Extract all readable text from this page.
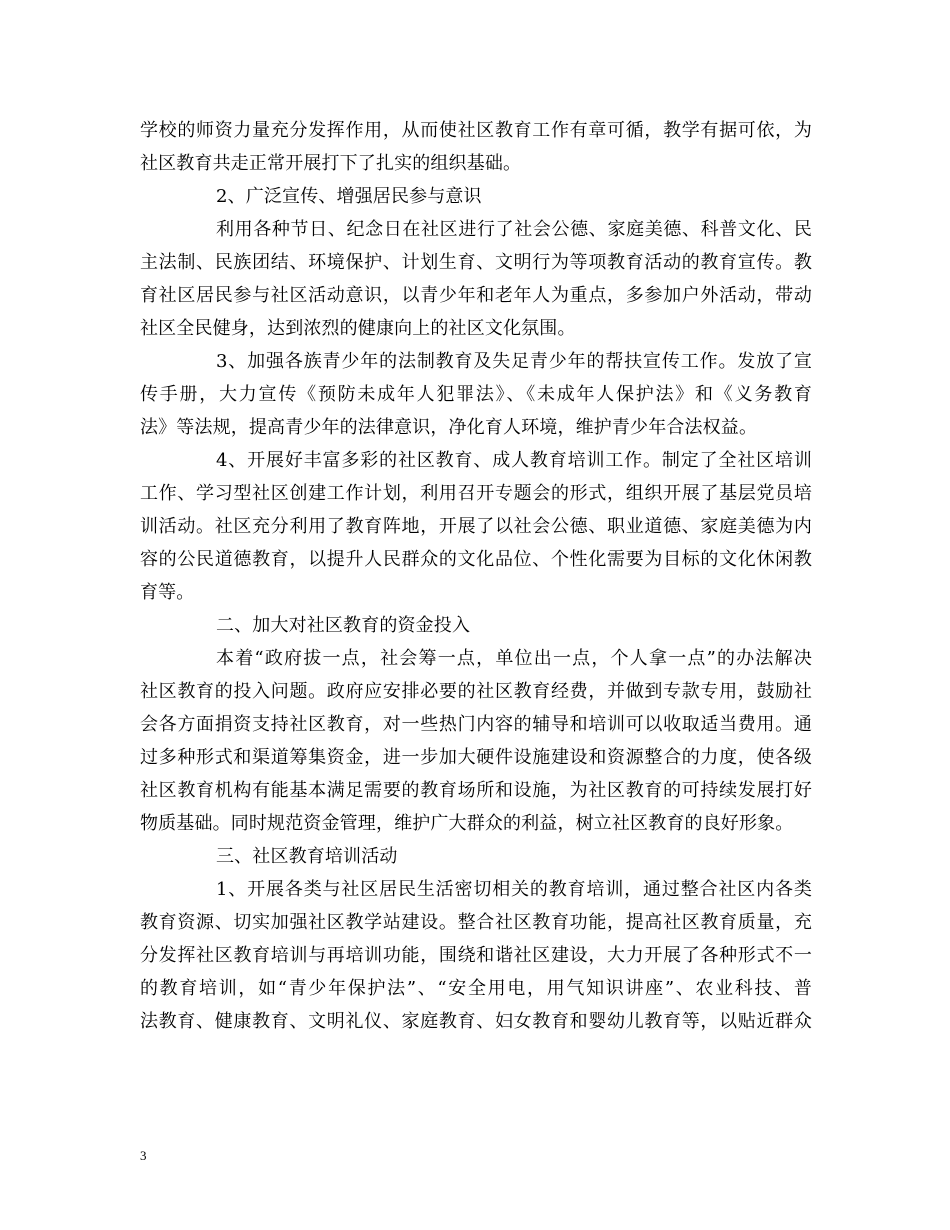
学校的师资力量充分发挥作用，从而使社区教育工作有章可循，教学有据可依，为
社区教育共走正常开展打下了扎实的组织基础。
2、广泛宣传、增强居民参与意识
利用各种节日、纪念日在社区进行了社会公德、家庭美德、科普文化、民
主法制、民族团结、环境保护、计划生育、文明行为等项教育活动的教育宣传。教
育社区居民参与社区活动意识，以青少年和老年人为重点，多参加户外活动，带动
社区全民健身，达到浓烈的健康向上的社区文化氛围。
3、加强各族青少年的法制教育及失足青少年的帮扶宣传工作。发放了宣
传手册，大力宣传《预防未成年人犯罪法》、《未成年人保护法》和《义务教育
法》等法规，提高青少年的法律意识，净化育人环境，维护青少年合法权益。
4、开展好丰富多彩的社区教育、成人教育培训工作。制定了全社区培训
工作、学习型社区创建工作计划，利用召开专题会的形式，组织开展了基层党员培
训活动。社区充分利用了教育阵地，开展了以社会公德、职业道德、家庭美德为内
容的公民道德教育，以提升人民群众的文化品位、个性化需要为目标的文化休闲教
育等。
二、加大对社区教育的资金投入
本着“政府拔一点，社会筹一点，单位出一点，个人拿一点”的办法解决
社区教育的投入问题。政府应安排必要的社区教育经费，并做到专款专用，鼓励社
会各方面捐资支持社区教育，对一些热门内容的辅导和培训可以收取适当费用。通
过多种形式和渠道筹集资金，进一步加大硬件设施建设和资源整合的力度，使各级
社区教育机构有能基本满足需要的教育场所和设施，为社区教育的可持续发展打好
物质基础。同时规范资金管理，维护广大群众的利益，树立社区教育的良好形象。
三、社区教育培训活动
1、开展各类与社区居民生活密切相关的教育培训，通过整合社区内各类
教育资源、切实加强社区教学站建设。整合社区教育功能，提高社区教育质量，充
分发挥社区教育培训与再培训功能，围绕和谐社区建设，大力开展了各种形式不一
的教育培训，如“青少年保护法”、“安全用电，用气知识讲座”、农业科技、普
法教育、健康教育、文明礼仪、家庭教育、妇女教育和婴幼儿教育等，以贴近群众
3
